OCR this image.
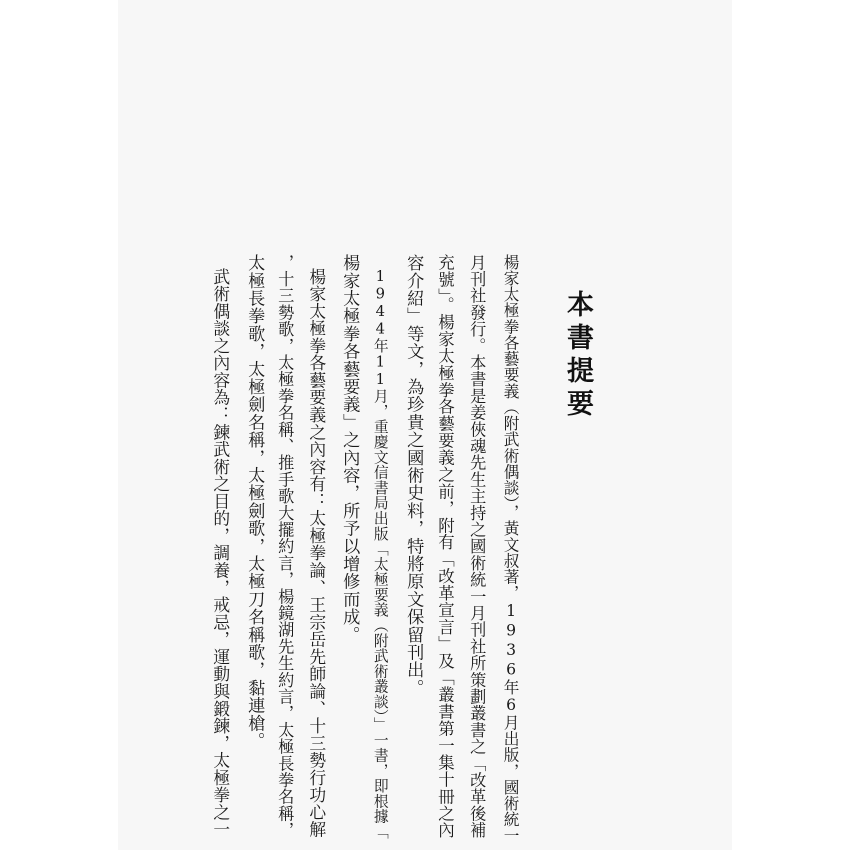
本書提要
楊家太極拳各藝要義（附武術偶談），黃文叔著，1936年6月出版，國術統一
月刊社發行。本書是姜俠魂先生主持之國術統一月刊社所策劃叢書之「改革後補
充號」。楊家太極拳各藝要義之前，附有「改革宣言」及「叢書第一集十冊之內
容介紹」等文，為珍貴之國術史料，特將原文保留刊出。
1944年11月，重慶文信書局出版「太極要義（附武術叢談）」一書，即根據「
楊家太極拳各藝要義」之內容，所予以增修而成。
楊家太極拳各藝要義之內容有：太極拳論、王宗岳先師論、十三勢行功心解
，十三勢歌，太極拳名稱、推手歌大擺約言，楊鏡湖先生約言，太極長拳名稱，
太極長拳歌，太極劍名稱，太極劍歌，太極刀名稱歌，黏連槍。
武術偶談之內容為：鍊武術之目的，調養，戒忌，運動與鍛鍊，太極拳之一
